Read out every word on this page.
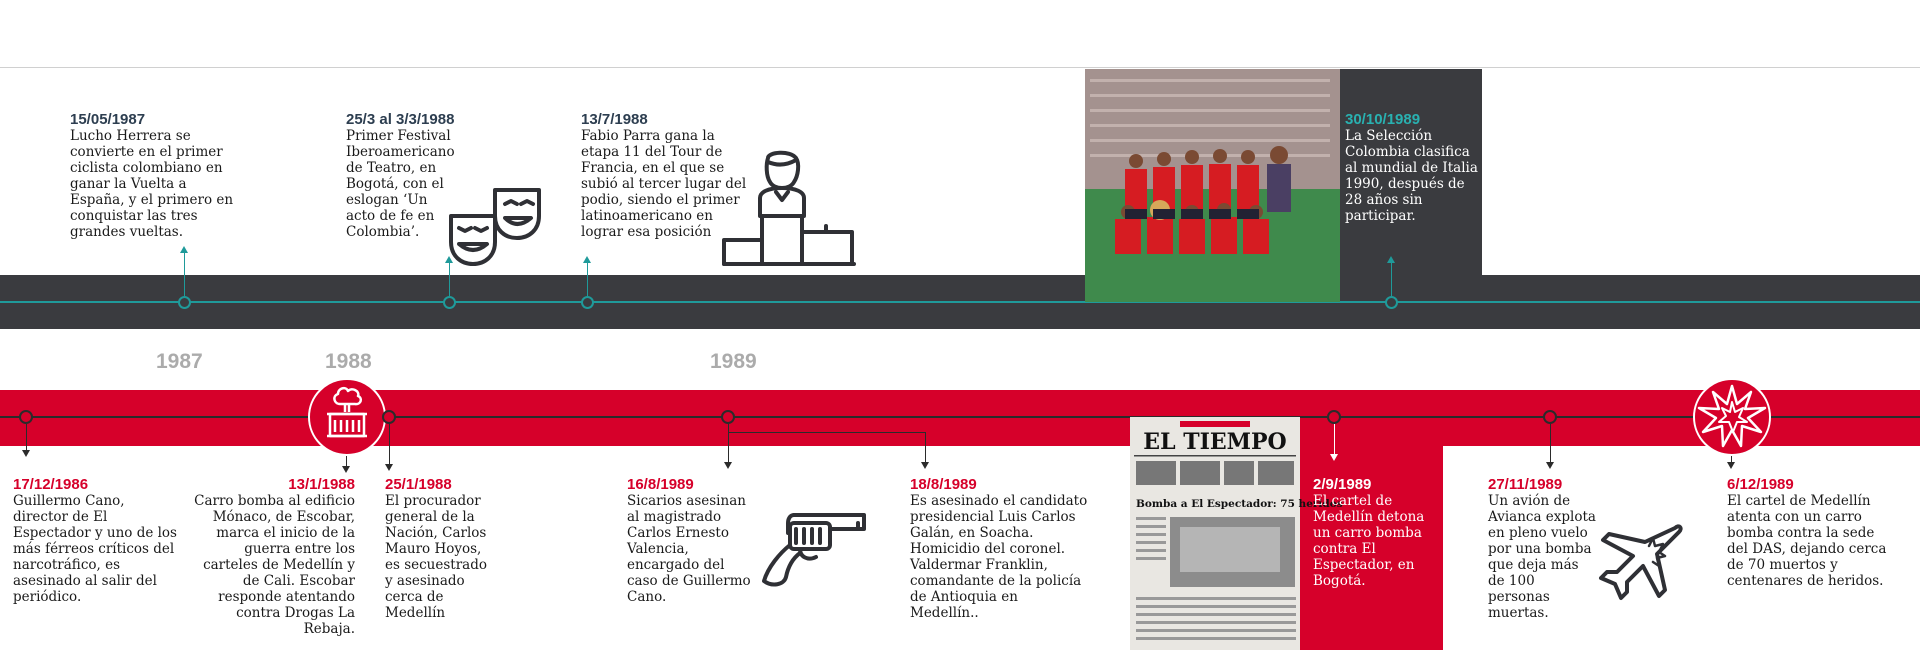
EL TIEMPO
Bomba a El Espectador: 75 heridos
1987	1988	1989
15/05/1987
Lucho Herrera se convierte en el primer ciclista colombiano en ganar la Vuelta a España, y el primero en conquistar las tres grandes vueltas.
25/3 al 3/3/1988
Primer Festival Iberoamericano de Teatro, en Bogotá, con el eslogan ‘Un acto de fe en Colombia’.
13/7/1988
Fabio Parra gana la etapa 11 del Tour de Francia, en el que se subió al tercer lugar del podio, siendo el primer latinoamericano en lograr esa posición
30/10/1989
La Selección Colombia clasifica al mundial de Italia 1990, después de 28 años sin participar.
17/12/1986
Guillermo Cano, director de El Espectador y uno de los más férreos críticos del narcotráfico, es asesinado al salir del periódico.
13/1/1988
Carro bomba al edificio Mónaco, de Escobar, marca el inicio de la guerra entre los carteles de Medellín y de Cali. Escobar responde atentando contra Drogas La Rebaja.
25/1/1988
El procurador general de la Nación, Carlos Mauro Hoyos, es secuestrado y asesinado cerca de Medellín
16/8/1989
Sicarios asesinan al magistrado Carlos Ernesto Valencia, encargado del caso de Guillermo Cano.
18/8/1989
Es asesinado el candidato presidencial Luis Carlos Galán, en Soacha. Homicidio del coronel. Valdermar Franklin, comandante de la policía de Antioquia en Medellín..
2/9/1989
El cartel de Medellín detona un carro bomba contra El Espectador, en Bogotá.
27/11/1989
Un avión de Avianca explota en pleno vuelo por una bomba que deja más de 100 personas muertas.
6/12/1989
El cartel de Medellín atenta con un carro bomba contra la sede del DAS, dejando cerca de 70 muertos y centenares de heridos.
